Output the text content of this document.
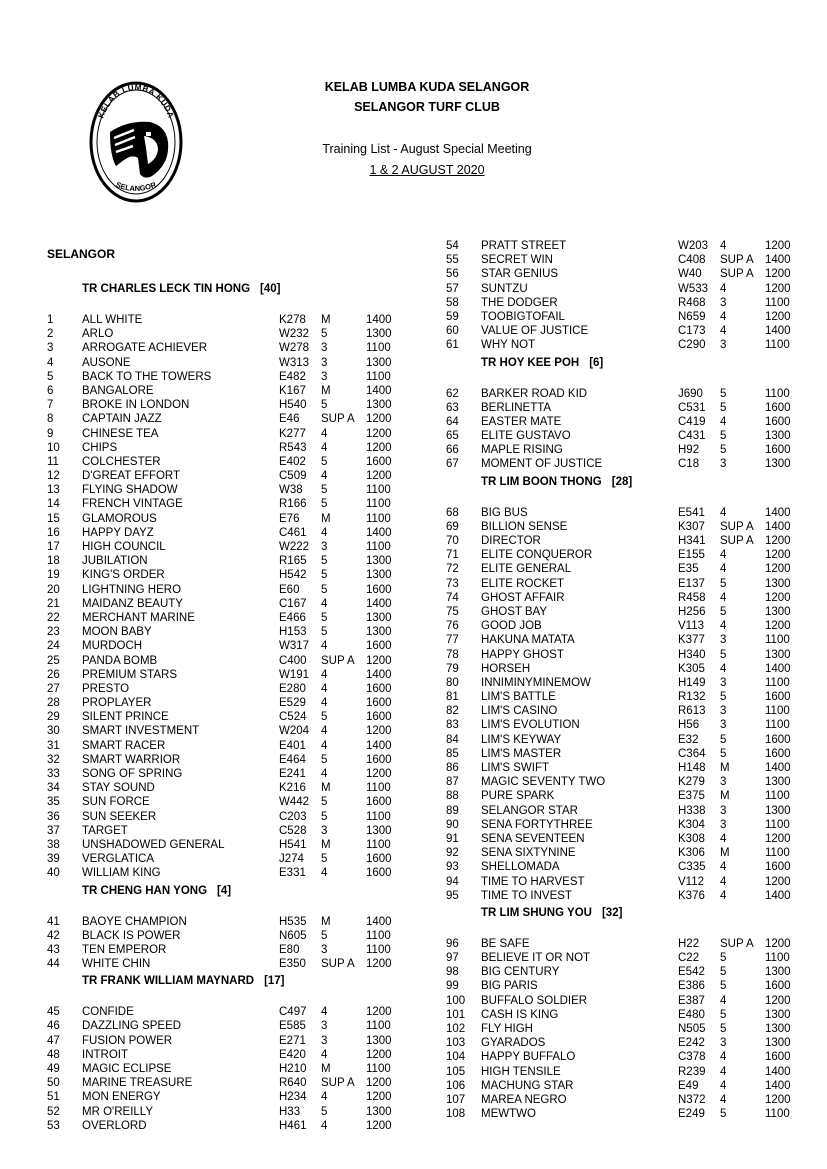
KELAB LUMBA KUDA
SELANGOR
KELAB LUMBA KUDA SELANGOR
SELANGOR TURF CLUB
Training List - August Special Meeting
1 & 2 AUGUST 2020
SELANGOR
TR CHARLES LECK TIN HONG [40]
1 ALL WHITE	K278 M	1400
2 ARLO	W232 5	1300
3 ARROGATE ACHIEVER	W278 3	1100
4 AUSONE	W313 3	1300
5 BACK TO THE TOWERS	E482 3	1100
6 BANGALORE	K167 M	1400
7 BROKE IN LONDON	H540 5	1300
8 CAPTAIN JAZZ	E46 SUP A 1200
9 CHINESE TEA	K277 4	1200
10 CHIPS	R543 4	1200
11 COLCHESTER	E402 5	1600
12 D'GREAT EFFORT	C509 4	1200
13 FLYING SHADOW	W38 5	1100
14 FRENCH VINTAGE	R166 5	1100
15 GLAMOROUS	E76 M	1100
16 HAPPY DAYZ	C461 4	1400
17 HIGH COUNCIL	W222 3	1100
18 JUBILATION	R165 5	1300
19 KING'S ORDER	H542 5	1300
20 LIGHTNING HERO	E60 5	1600
21 MAIDANZ BEAUTY	C167 4	1400
22 MERCHANT MARINE	E466 5	1300
23 MOON BABY	H153 5	1300
24 MURDOCH	W317 4	1600
25 PANDA BOMB	C400 SUP A 1200
26 PREMIUM STARS	W191 4	1400
27 PRESTO	E280 4	1600
28 PROPLAYER	E529 4	1600
29 SILENT PRINCE	C524 5	1600
30 SMART INVESTMENT	W204 4	1200
31 SMART RACER	E401 4	1400
32 SMART WARRIOR	E464 5	1600
33 SONG OF SPRING	E241 4	1200
34 STAY SOUND	K216 M	1100
35 SUN FORCE	W442 5	1600
36 SUN SEEKER	C203 5	1100
37 TARGET	C528 3	1300
38 UNSHADOWED GENERAL	H541 M	1100
39 VERGLATICA	J274 5	1600
40 WILLIAM KING	E331 4	1600
TR CHENG HAN YONG [4]
41 BAOYE CHAMPION	H535 M	1400
42 BLACK IS POWER	N605 5	1100
43 TEN EMPEROR	E80 3	1100
44 WHITE CHIN	E350 SUP A 1200
TR FRANK WILLIAM MAYNARD [17]
45 CONFIDE	C497 4	1200
46 DAZZLING SPEED	E585 3	1100
47 FUSION POWER	E271 3	1300
48 INTROIT	E420 4	1200
49 MAGIC ECLIPSE	H210 M	1100
50 MARINE TREASURE	R640 SUP A 1200
51 MON ENERGY	H234 4	1200
52 MR O'REILLY	H33 5	1300
53 OVERLORD	H461 4	1200
54 PRATT STREET	W203 4	1200
55 SECRET WIN	C408 SUP A 1400
56 STAR GENIUS	W40 SUP A 1200
57 SUNTZU	W533 4	1200
58 THE DODGER	R468 3	1100
59 TOOBIGTOFAIL	N659 4	1200
60 VALUE OF JUSTICE	C173 4	1400
61 WHY NOT	C290 3	1100
TR HOY KEE POH [6]
62 BARKER ROAD KID	J690 5	1100
63 BERLINETTA	C531 5	1600
64 EASTER MATE	C419 4	1600
65 ELITE GUSTAVO	C431 5	1300
66 MAPLE RISING	H92 5	1600
67 MOMENT OF JUSTICE	C18 3	1300
TR LIM BOON THONG [28]
68 BIG BUS	E541 4	1400
69 BILLION SENSE	K307 SUP A 1400
70 DIRECTOR	H341 SUP A 1200
71 ELITE CONQUEROR	E155 4	1200
72 ELITE GENERAL	E35 4	1200
73 ELITE ROCKET	E137 5	1300
74 GHOST AFFAIR	R458 4	1200
75 GHOST BAY	H256 5	1300
76 GOOD JOB	V113 4	1200
77 HAKUNA MATATA	K377 3	1100
78 HAPPY GHOST	H340 5	1300
79 HORSEH	K305 4	1400
80 INNIMINYMINEMOW	H149 3	1100
81 LIM'S BATTLE	R132 5	1600
82 LIM'S CASINO	R613 3	1100
83 LIM'S EVOLUTION	H56 3	1100
84 LIM'S KEYWAY	E32 5	1600
85 LIM'S MASTER	C364 5	1600
86 LIM'S SWIFT	H148 M	1400
87 MAGIC SEVENTY TWO	K279 3	1300
88 PURE SPARK	E375 M	1100
89 SELANGOR STAR	H338 3	1300
90 SENA FORTYTHREE	K304 3	1100
91 SENA SEVENTEEN	K308 4	1200
92 SENA SIXTYNINE	K306 M	1100
93 SHELLOMADA	C335 4	1600
94 TIME TO HARVEST	V112 4	1200
95 TIME TO INVEST	K376 4	1400
TR LIM SHUNG YOU [32]
96 BE SAFE	H22 SUP A 1200
97 BELIEVE IT OR NOT	C22 5	1100
98 BIG CENTURY	E542 5	1300
99 BIG PARIS	E386 5	1600
100 BUFFALO SOLDIER	E387 4	1200
101 CASH IS KING	E480 5	1300
102 FLY HIGH	N505 5	1300
103 GYARADOS	E242 3	1300
104 HAPPY BUFFALO	C378 4	1600
105 HIGH TENSILE	R239 4	1400
106 MACHUNG STAR	E49 4	1400
107 MAREA NEGRO	N372 4	1200
108 MEWTWO	E249 5	1100
